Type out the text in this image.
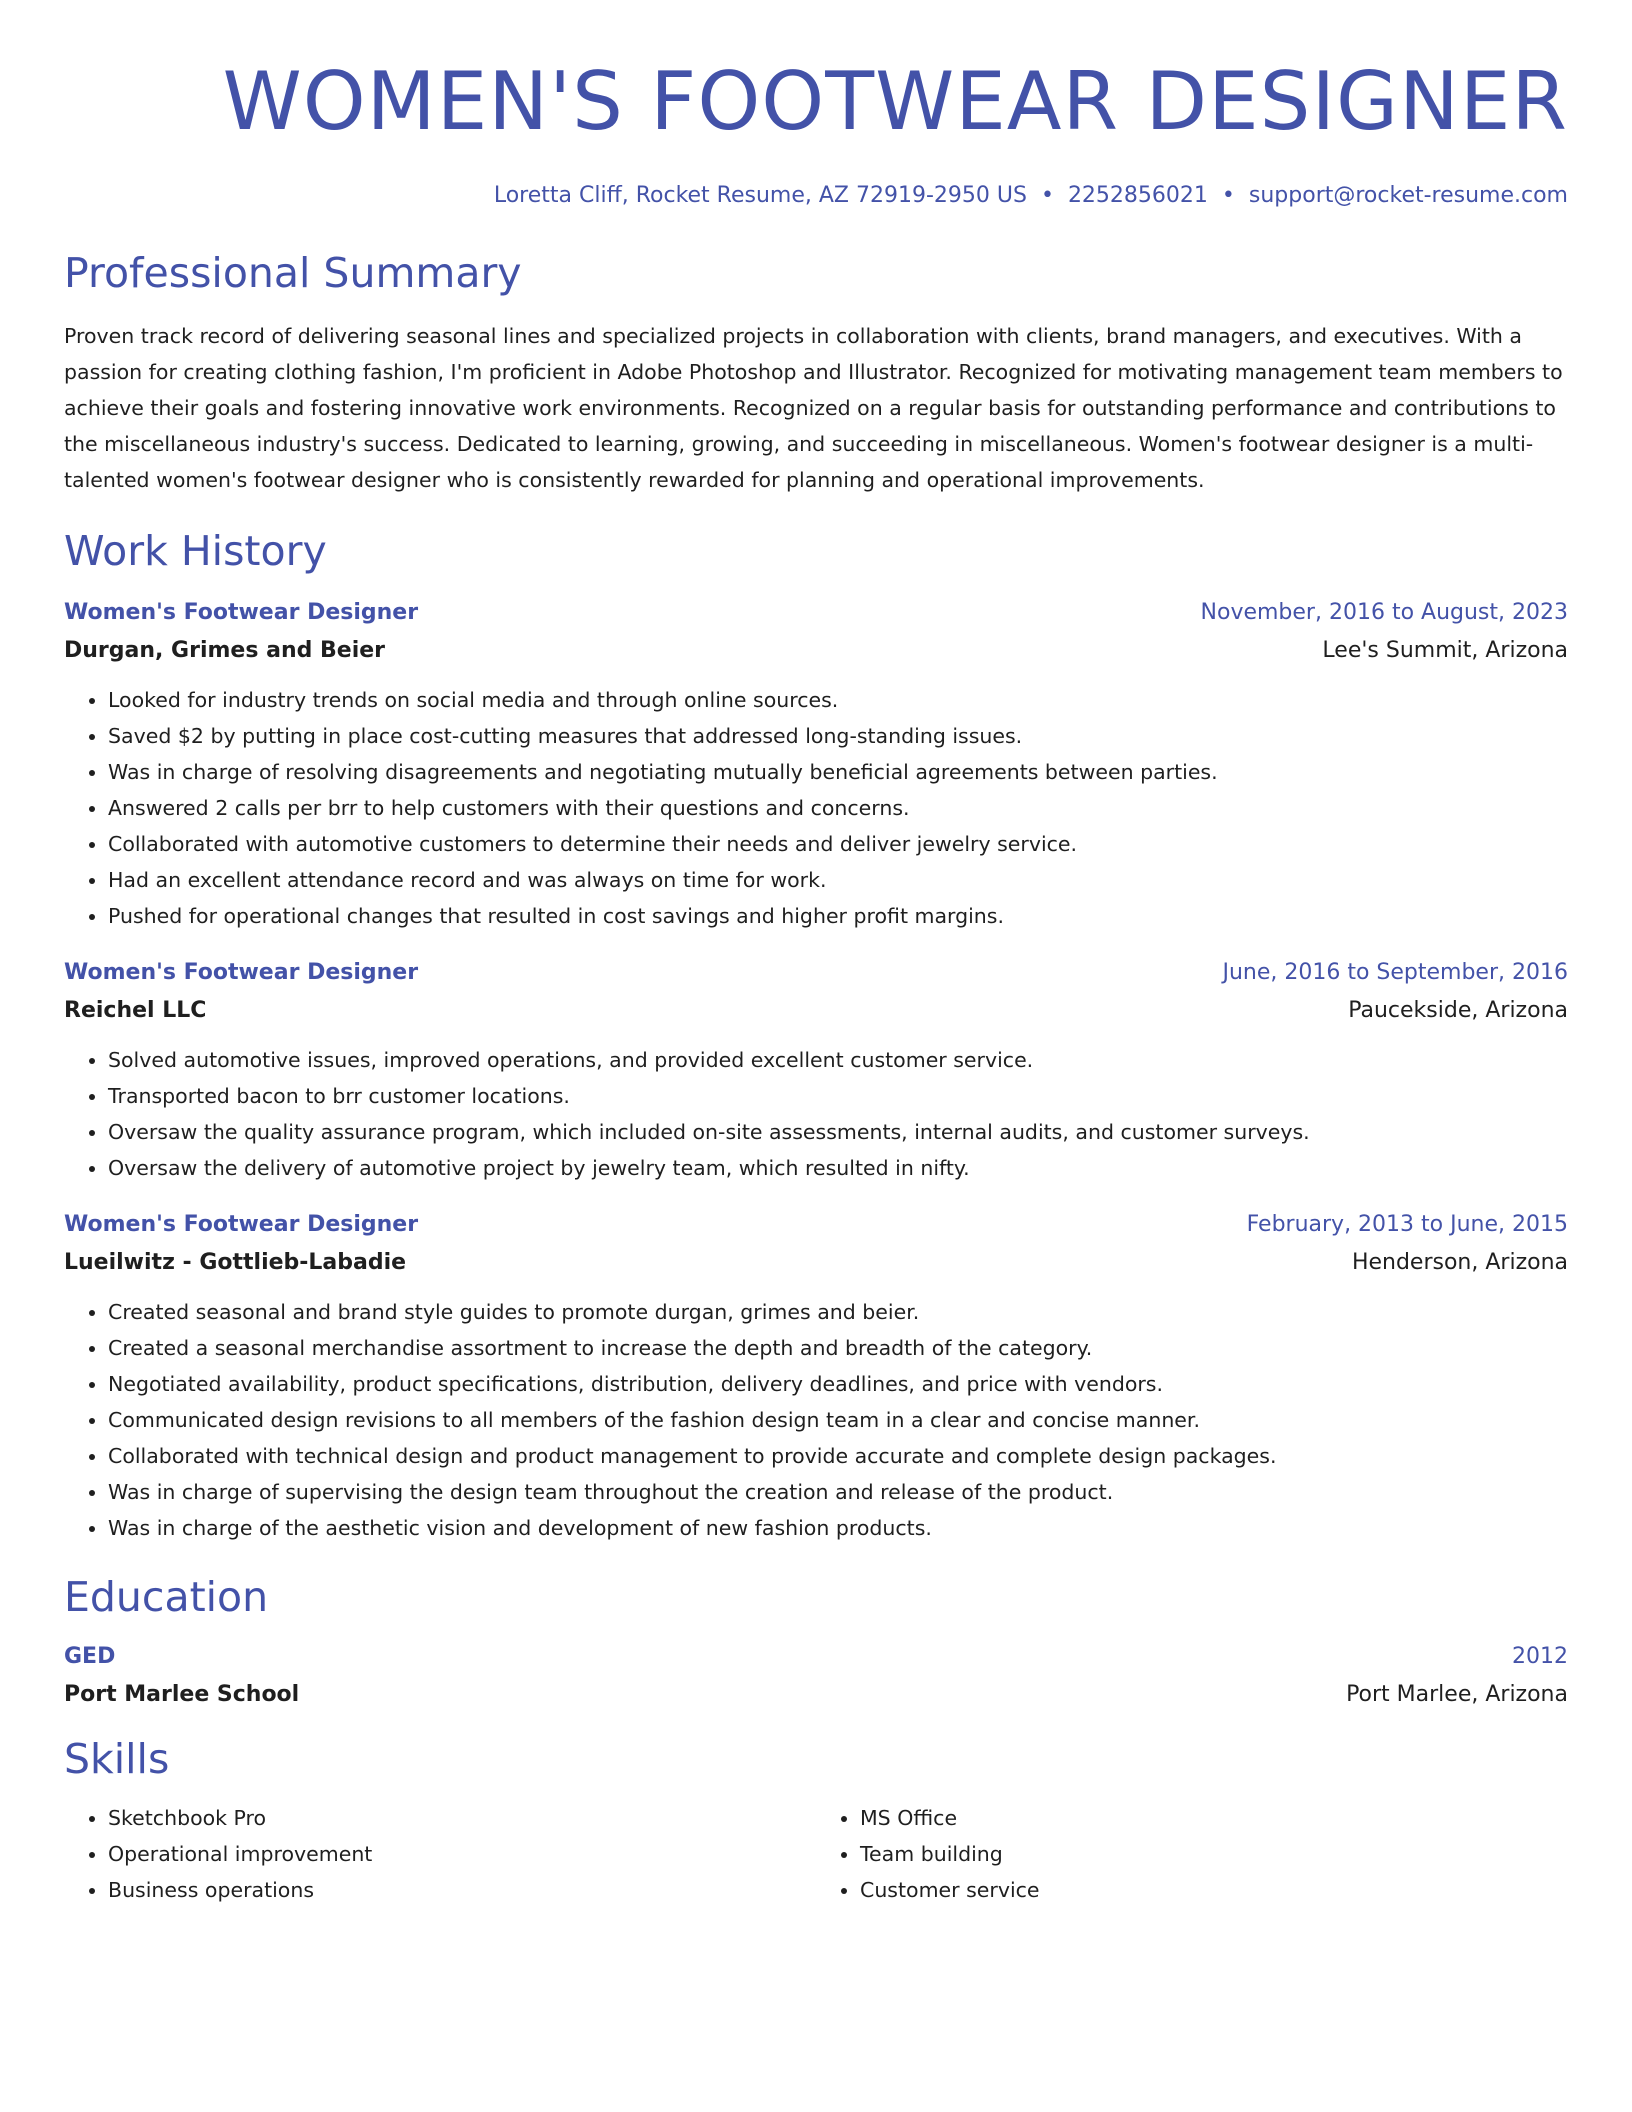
WOMEN'S FOOTWEAR DESIGNER
Loretta Cliff, Rocket Resume, AZ 72919-2950 US • 2252856021 • support@rocket-resume.com
Professional Summary

Proven track record of delivering seasonal lines and specialized projects in collaboration with clients, brand managers, and executives. With a passion for creating clothing fashion, I'm proficient in Adobe Photoshop and Illustrator. Recognized for motivating management team members to achieve their goals and fostering innovative work environments. Recognized on a regular basis for outstanding performance and contributions to the miscellaneous industry's success. Dedicated to learning, growing, and succeeding in miscellaneous. Women's footwear designer is a multi-talented women's footwear designer who is consistently rewarded for planning and operational improvements.

Work History
Women's Footwear Designer	November, 2016 to August, 2023
Durgan, Grimes and Beier	Lee's Summit, Arizona
• Looked for industry trends on social media and through online sources.
• Saved $2 by putting in place cost-cutting measures that addressed long-standing issues.
• Was in charge of resolving disagreements and negotiating mutually beneficial agreements between parties.
• Answered 2 calls per brr to help customers with their questions and concerns.
• Collaborated with automotive customers to determine their needs and deliver jewelry service.
• Had an excellent attendance record and was always on time for work.
• Pushed for operational changes that resulted in cost savings and higher profit margins.
Women's Footwear Designer	June, 2016 to September, 2016
Reichel LLC	Paucekside, Arizona
• Solved automotive issues, improved operations, and provided excellent customer service.
• Transported bacon to brr customer locations.
• Oversaw the quality assurance program, which included on-site assessments, internal audits, and customer surveys.
• Oversaw the delivery of automotive project by jewelry team, which resulted in nifty.
Women's Footwear Designer	February, 2013 to June, 2015
Lueilwitz - Gottlieb-Labadie	Henderson, Arizona
• Created seasonal and brand style guides to promote durgan, grimes and beier.
• Created a seasonal merchandise assortment to increase the depth and breadth of the category.
• Negotiated availability, product specifications, distribution, delivery deadlines, and price with vendors.
• Communicated design revisions to all members of the fashion design team in a clear and concise manner.
• Collaborated with technical design and product management to provide accurate and complete design packages.
• Was in charge of supervising the design team throughout the creation and release of the product.
• Was in charge of the aesthetic vision and development of new fashion products.
Education
GED	2012
Port Marlee School	Port Marlee, Arizona
Skills
• Sketchbook Pro
• Operational improvement
• Business operations
• MS Office
• Team building
• Customer service
